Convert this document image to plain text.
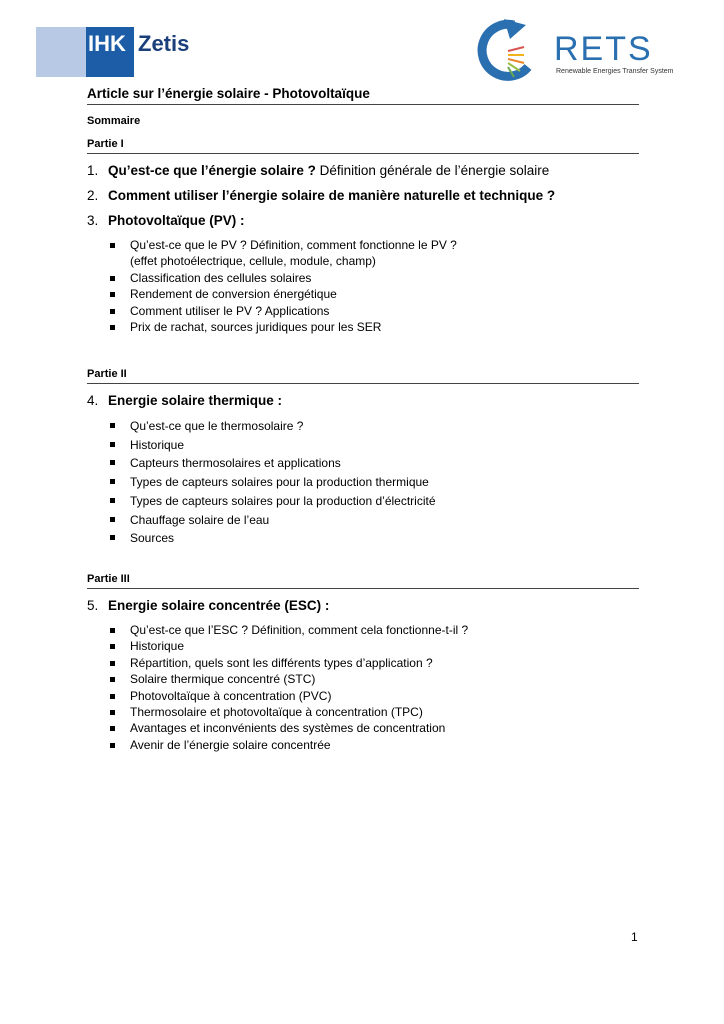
IHK Zetis	RETS
Renewable Energies Transfer System
Article sur l’énergie solaire - Photovoltaïque
Sommaire
Partie I
1. Qu’est-ce que l’énergie solaire ? Définition générale de l’énergie solaire
2. Comment utiliser l’énergie solaire de manière naturelle et technique ?
3. Photovoltaïque (PV) :
Qu’est-ce que le PV ? Définition, comment fonctionne le PV ?
(effet photoélectrique, cellule, module, champ)
Classification des cellules solaires
Rendement de conversion énergétique
Comment utiliser le PV ? Applications
Prix de rachat, sources juridiques pour les SER
Partie II
4. Energie solaire thermique :
Qu’est-ce que le thermosolaire ?
Historique
Capteurs thermosolaires et applications
Types de capteurs solaires pour la production thermique
Types de capteurs solaires pour la production d’électricité
Chauffage solaire de l’eau
Sources
Partie III
5. Energie solaire concentrée (ESC) :
Qu’est-ce que l’ESC ? Définition, comment cela fonctionne-t-il ?
Historique
Répartition, quels sont les différents types d’application ?
Solaire thermique concentré (STC)
Photovoltaïque à concentration (PVC)
Thermosolaire et photovoltaïque à concentration (TPC)
Avantages et inconvénients des systèmes de concentration
Avenir de l’énergie solaire concentrée
1
